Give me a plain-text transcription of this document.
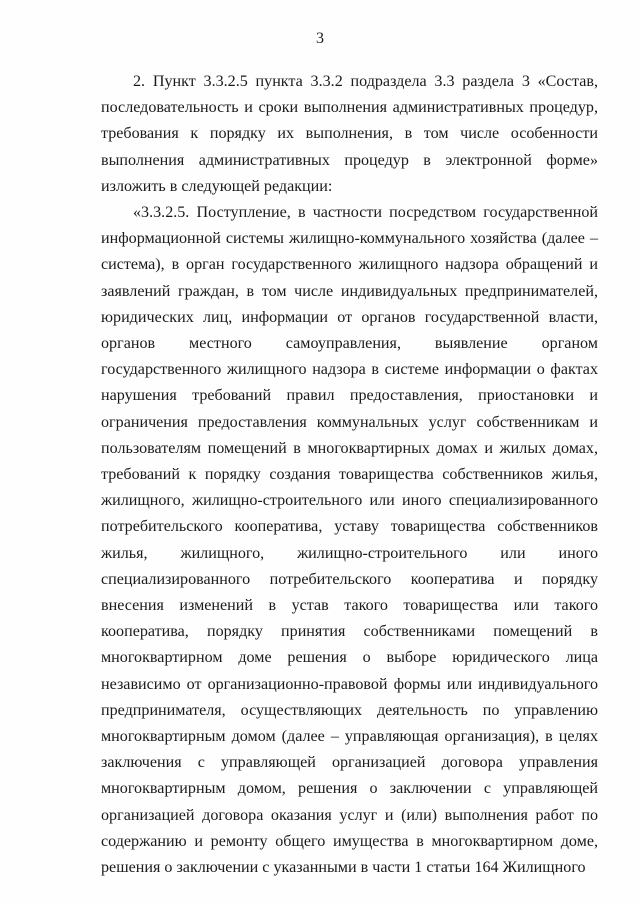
3

2. Пункт 3.3.2.5 пункта 3.3.2 подраздела 3.3 раздела 3 «Состав, последовательность и сроки выполнения административных процедур, требования к порядку их выполнения, в том числе особенности выполнения административных процедур в электронной форме» изложить в следующей редакции:

«3.3.2.5. Поступление, в частности посредством государственной информационной системы жилищно-коммунального хозяйства (далее – система), в орган государственного жилищного надзора обращений и заявлений граждан, в том числе индивидуальных предпринимателей, юридических лиц, информации от органов государственной власти, органов местного самоуправления, выявление органом государственного жилищного надзора в системе информации о фактах нарушения требований правил предоставления, приостановки и ограничения предоставления коммунальных услуг собственникам и пользователям помещений в многоквартирных домах и жилых домах, требований к порядку создания товарищества собственников жилья, жилищного, жилищно-строительного или иного специализированного потребительского кооператива, уставу товарищества собственников жилья, жилищного, жилищно-строительного или иного специализированного потребительского кооператива и порядку внесения изменений в устав такого товарищества или такого кооператива, порядку принятия собственниками помещений в многоквартирном доме решения о выборе юридического лица независимо от организационно-правовой формы или индивидуального предпринимателя, осуществляющих деятельность по управлению многоквартирным домом (далее – управляющая организация), в целях заключения с управляющей организацией договора управления многоквартирным домом, решения о заключении с управляющей организацией договора оказания услуг и (или) выполнения работ по содержанию и ремонту общего имущества в многоквартирном доме, решения о заключении с указанными в части 1 статьи 164 Жилищного
